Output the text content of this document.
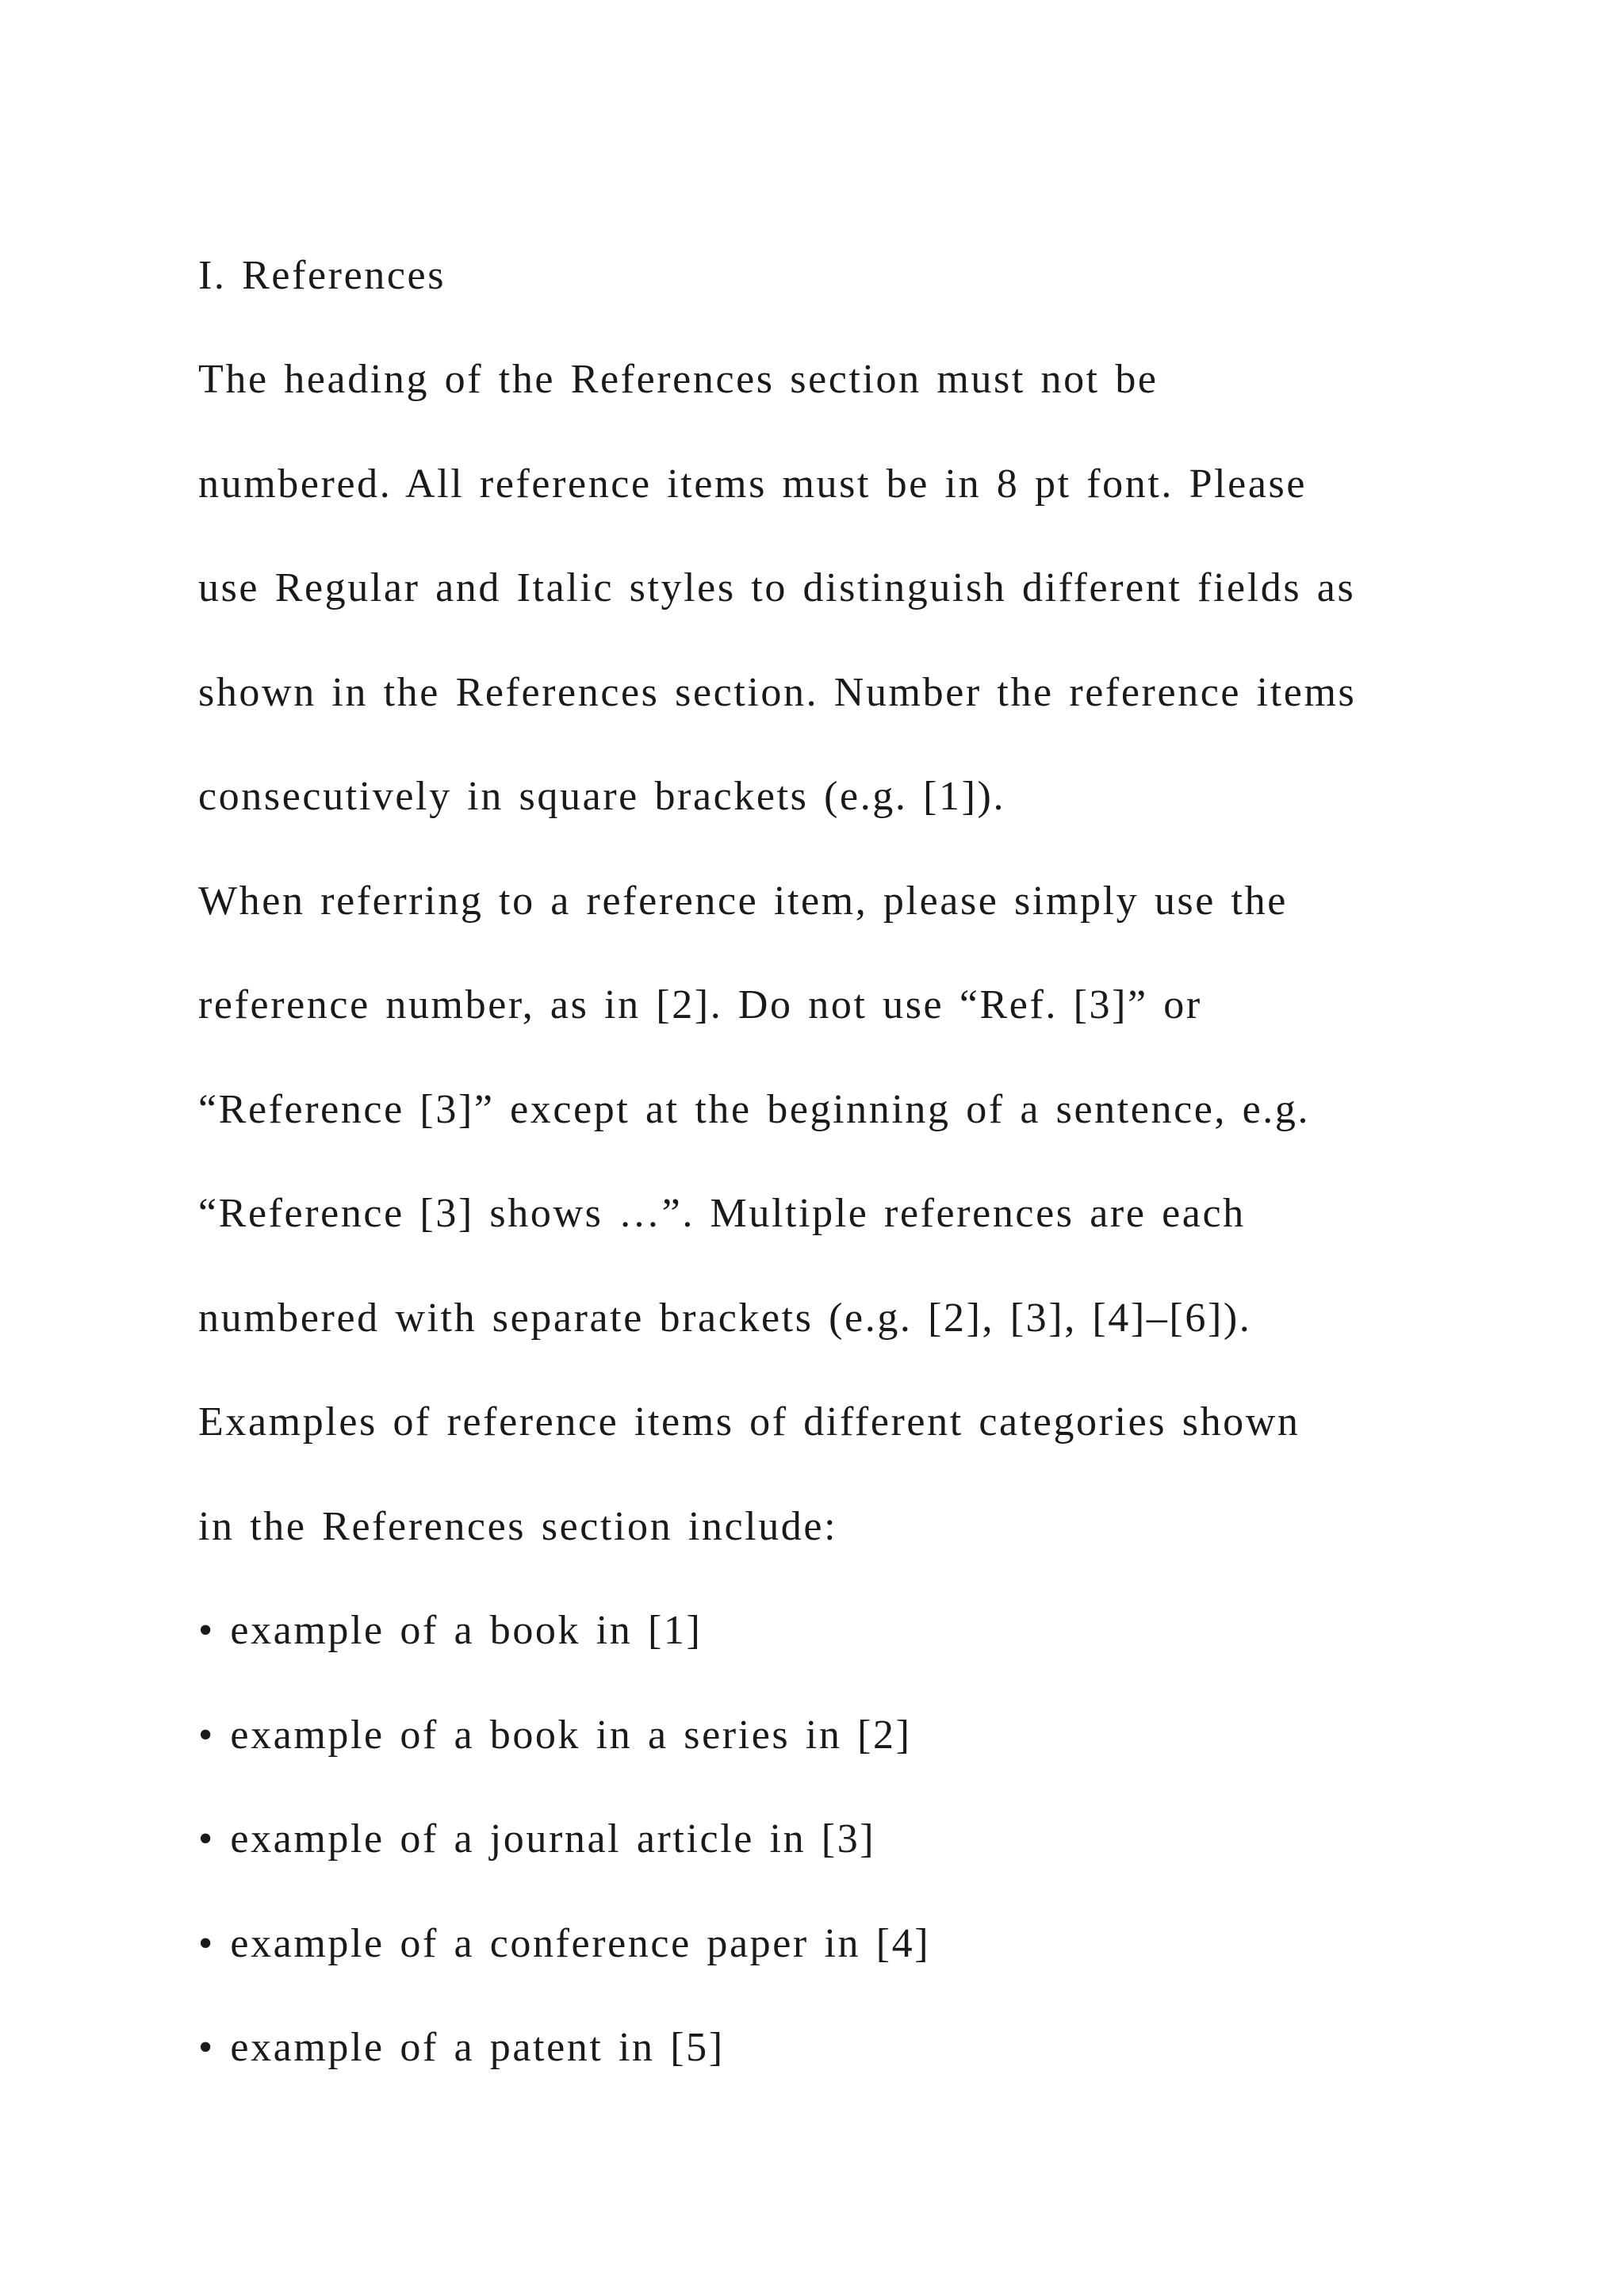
I. References
The heading of the References section must not be
numbered. All reference items must be in 8 pt font. Please
use Regular and Italic styles to distinguish different fields as
shown in the References section. Number the reference items
consecutively in square brackets (e.g. [1]).
When referring to a reference item, please simply use the
reference number, as in [2]. Do not use “Ref. [3]” or
“Reference [3]” except at the beginning of a sentence, e.g.
“Reference [3] shows …”. Multiple references are each
numbered with separate brackets (e.g. [2], [3], [4]–[6]).
Examples of reference items of different categories shown
in the References section include:
• example of a book in [1]
• example of a book in a series in [2]
• example of a journal article in [3]
• example of a conference paper in [4]
• example of a patent in [5]
